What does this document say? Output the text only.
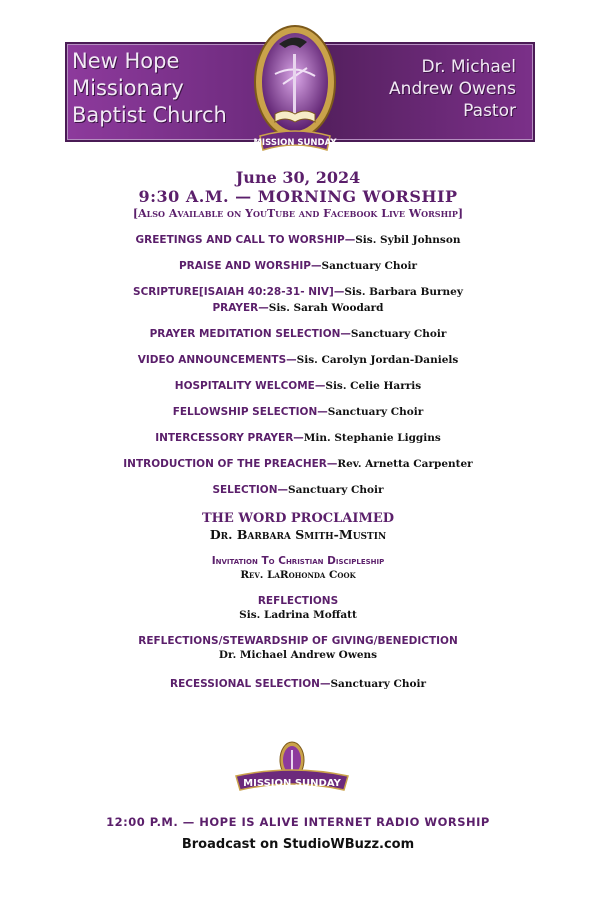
New Hope
Missionary
Baptist Church
Dr. Michael
Andrew Owens
Pastor
MISSION SUNDAY
June 30, 2024
9:30 A.M. — MORNING WORSHIP
[Also Available on YouTube and Facebook Live Worship]
GREETINGS AND CALL TO WORSHIP—Sis. Sybil Johnson
PRAISE AND WORSHIP—Sanctuary Choir
SCRIPTURE[ISAIAH 40:28-31- NIV]—Sis. Barbara Burney
PRAYER—Sis. Sarah Woodard
PRAYER MEDITATION SELECTION—Sanctuary Choir
VIDEO ANNOUNCEMENTS—Sis. Carolyn Jordan-Daniels
HOSPITALITY WELCOME—Sis. Celie Harris
FELLOWSHIP SELECTION—Sanctuary Choir
INTERCESSORY PRAYER—Min. Stephanie Liggins
INTRODUCTION OF THE PREACHER—Rev. Arnetta Carpenter
SELECTION—Sanctuary Choir
THE WORD PROCLAIMED
Dr. Barbara Smith-Mustin
Invitation To Christian Discipleship
Rev. LaRohonda Cook
REFLECTIONS
Sis. Ladrina Moffatt
REFLECTIONS/STEWARDSHIP OF GIVING/BENEDICTION
Dr. Michael Andrew Owens
RECESSIONAL SELECTION—Sanctuary Choir
MISSION SUNDAY
12:00 P.M. — HOPE IS ALIVE INTERNET RADIO WORSHIP
Broadcast on StudioWBuzz.com
